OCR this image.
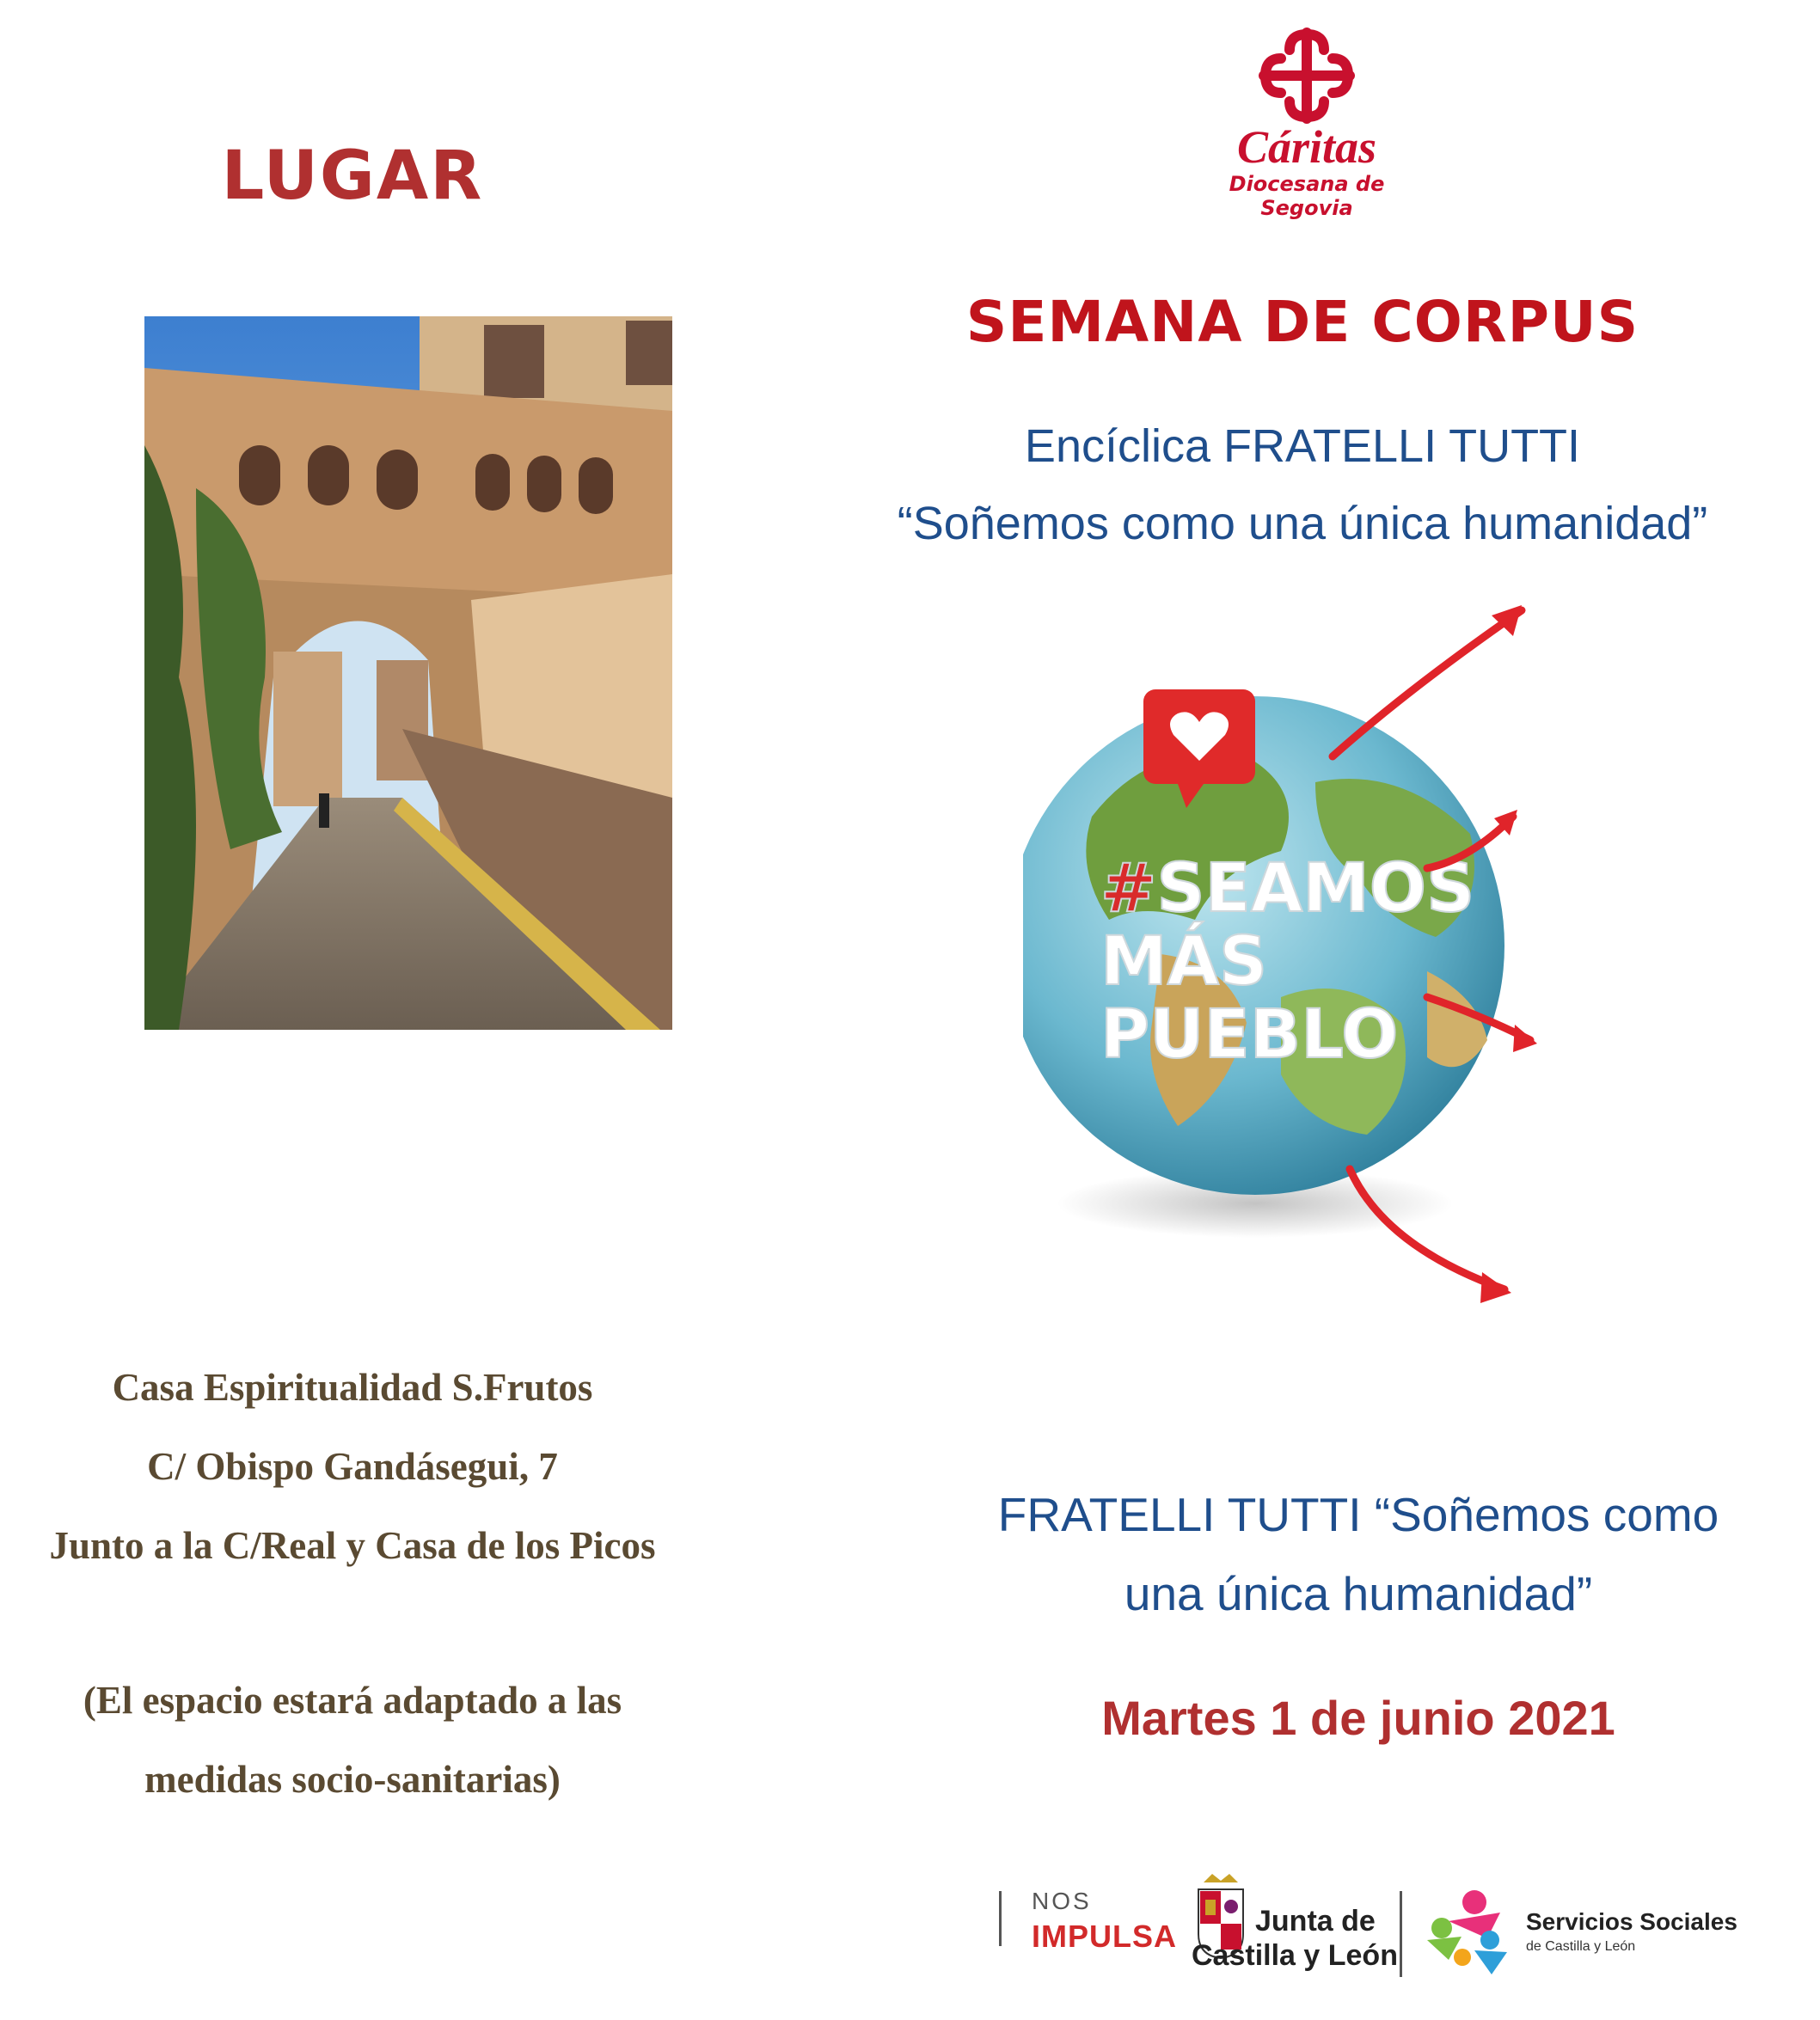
LUGAR
Casa Espiritualidad S.Frutos
C/ Obispo Gandásegui, 7
Junto a la C/Real y Casa de los Picos
(El espacio estará adaptado a las
medidas socio-sanitarias)
Cáritas
Diocesana de
Segovia
SEMANA DE CORPUS
Encíclica FRATELLI TUTTI
“Soñemos como una única humanidad”
#SEAMOS
MÁS
PUEBLO
FRATELLI TUTTI “Soñemos como
una única humanidad”
Martes 1 de junio 2021
NOS
IMPULSA	Junta de
Castilla y León
Servicios Sociales
de Castilla y León
